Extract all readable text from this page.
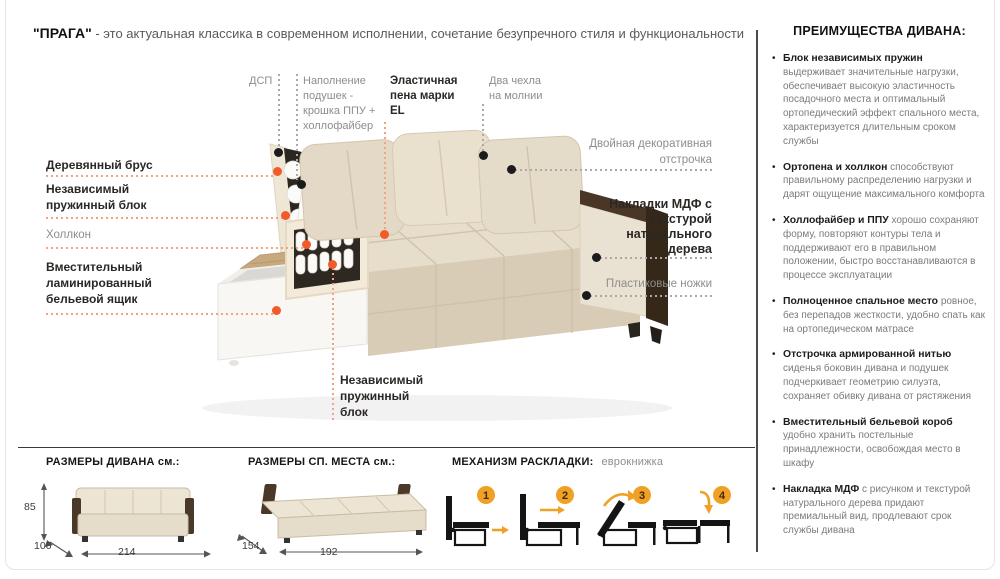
"ПРАГА" - это актуальная классика в современном исполнении, сочетание безупречного стиля и функциональности
ДСП	Наполнение
подушек -
крошка ППУ +
холлофайбер
Эластичная
пена марки
EL
Два чехла
на молнии
Деревянный брус
Независимый
пружинный блок
Холлкон
Вместительный
ламинированный
бельевой ящик
Двойная декоративная
отстрочка
Накладки МДФ с
текстурой
натурального
дерева
Пластиковые ножки
Независимый
пружинный
блок
ПРЕИМУЩЕСТВА ДИВАНА:
• Блок независимых пружин выдерживает значительные нагрузки, обеспечивает высокую эластичность посадочного места и оптимальный ортопедический эффект спального места, характеризуется длительным сроком службы
• Ортопена и холлкон способствуют правильному распределению нагрузки и дарят ощущение максимального комфорта
• Холлофайбер и ППУ хорошо сохраняют форму, повторяют контуры тела и поддерживают его в правильном положении, быстро восстанавливаются в процессе эксплуатации
• Полноценное спальное место ровное, без перепадов жесткости, удобно спать как на ортопедическом матрасе
• Отстрочка армированной нитью сиденья боковин дивана и подушек подчеркивает геометрию силуэта, сохраняет обивку дивана от рястяжения
• Вместительный бельевой короб удобно хранить постельные принадлежности, освобождая место в шкафу
• Накладка МДФ с рисунком и текстурой натурального дерева придают премиальный вид, продлевают срок службы дивана
РАЗМЕРЫ ДИВАНА см.:	РАЗМЕРЫ СП. МЕСТА см.:	МЕХАНИЗМ РАСКЛАДКИ: еврокнижка
85
106	214	154	192
1	2	3	4
